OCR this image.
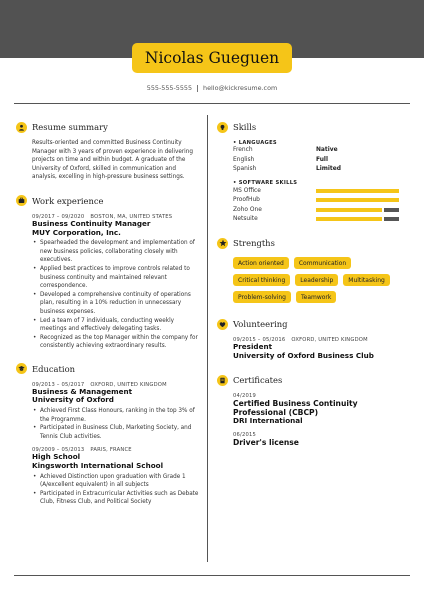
Nicolas Gueguen
555-555-5555 hello@kickresume.com
Resume summary

Results-oriented and committed Business Continuity Manager with 3 years of proven experience in delivering projects on time and within budget. A graduate of the University of Oxford, skilled in communication and analysis, excelling in high-pressure business settings.

Work experience
09/2017 – 09/2020 BOSTON, MA, UNITED STATES
Business Continuity Manager
MUY Corporation, Inc.
• Spearheaded the development and implementation of new business policies, collaborating closely with executives.
• Applied best practices to improve controls related to business continuity and maintained relevant correspondence.
• Developed a comprehensive continuity of operations plan, resulting in a 10% reduction in unnecessary business expenses.
• Led a team of 7 individuals, conducting weekly meetings and effectively delegating tasks.
• Recognized as the top Manager within the company for consistently achieving extraordinary results.
Education
09/2013 – 05/2017 OXFORD, UNITED KINGDOM
Business & Management
University of Oxford
• Achieved First Class Honours, ranking in the top 3% of the Programme.
• Participated in Business Club, Marketing Society, and Tennis Club activities.
09/2009 – 05/2013 PARIS, FRANCE
High School
Kingsworth International School
• Achieved Distinction upon graduation with Grade 1 (A/excellent equivalent) in all subjects
• Participated in Extracurricular Activities such as Debate Club, Fitness Club, and Political Society
Skills
• LANGUAGES
French	Native
English	Full
Spanish	Limited
• SOFTWARE SKILLS
MS Office
ProofHub
Zoho One
Netsuite
Strengths
Action oriented	Communication
Critical thinking	Leadership	Multitasking
Problem-solving	Teamwork
Volunteering
09/2015 – 05/2016 OXFORD, UNITED KINGDOM
President
University of Oxford Business Club
Certificates
04/2019
Certified Business Continuity Professional (CBCP)
DRI International
06/2015
Driver's license
